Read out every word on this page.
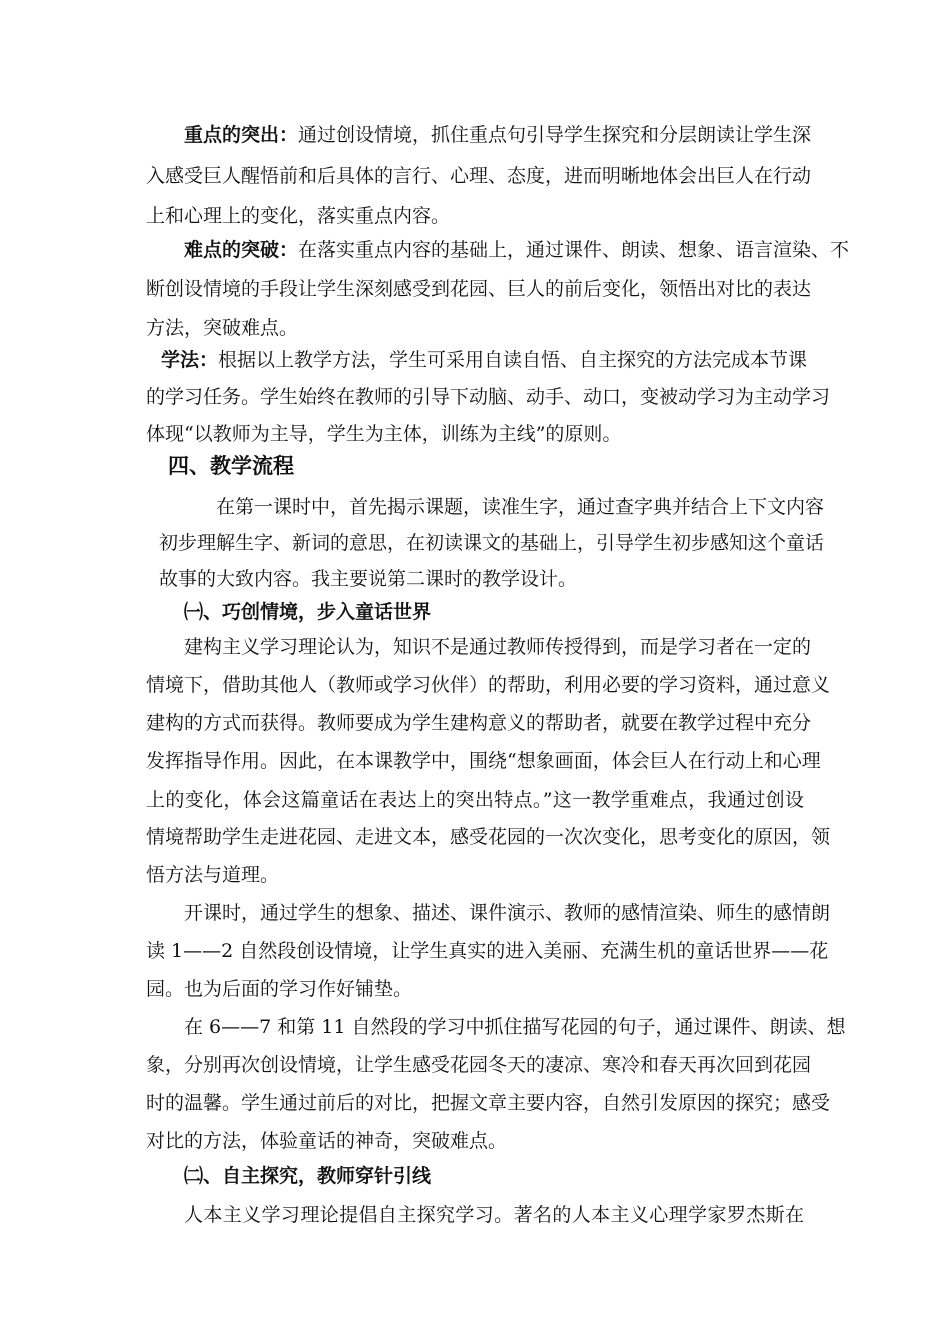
重点的突出：通过创设情境，抓住重点句引导学生探究和分层朗读让学生深
入感受巨人醒悟前和后具体的言行、心理、态度，进而明晰地体会出巨人在行动
上和心理上的变化，落实重点内容。
难点的突破：在落实重点内容的基础上，通过课件、朗读、想象、语言渲染、不
断创设情境的手段让学生深刻感受到花园、巨人的前后变化，领悟出对比的表达
方法，突破难点。
学法：根据以上教学方法，学生可采用自读自悟、自主探究的方法完成本节课
的学习任务。学生始终在教师的引导下动脑、动手、动口，变被动学习为主动学习
体现“以教师为主导，学生为主体，训练为主线”的原则。
四、教学流程
在第一课时中，首先揭示课题，读准生字，通过查字典并结合上下文内容
初步理解生字、新词的意思，在初读课文的基础上，引导学生初步感知这个童话
故事的大致内容。我主要说第二课时的教学设计。
㈠、巧创情境，步入童话世界
建构主义学习理论认为，知识不是通过教师传授得到，而是学习者在一定的
情境下，借助其他人（教师或学习伙伴）的帮助，利用必要的学习资料，通过意义
建构的方式而获得。教师要成为学生建构意义的帮助者，就要在教学过程中充分
发挥指导作用。因此，在本课教学中，围绕“想象画面，体会巨人在行动上和心理
上的变化，体会这篇童话在表达上的突出特点。”这一教学重难点，我通过创设
情境帮助学生走进花园、走进文本，感受花园的一次次变化，思考变化的原因，领
悟方法与道理。
开课时，通过学生的想象、描述、课件演示、教师的感情渲染、师生的感情朗
读 1——2 自然段创设情境，让学生真实的进入美丽、充满生机的童话世界——花
园。也为后面的学习作好铺垫。
在 6——7 和第 11 自然段的学习中抓住描写花园的句子，通过课件、朗读、想
象，分别再次创设情境，让学生感受花园冬天的凄凉、寒冷和春天再次回到花园
时的温馨。学生通过前后的对比，把握文章主要内容，自然引发原因的探究；感受
对比的方法，体验童话的神奇，突破难点。
㈡、自主探究，教师穿针引线
人本主义学习理论提倡自主探究学习。著名的人本主义心理学家罗杰斯在
